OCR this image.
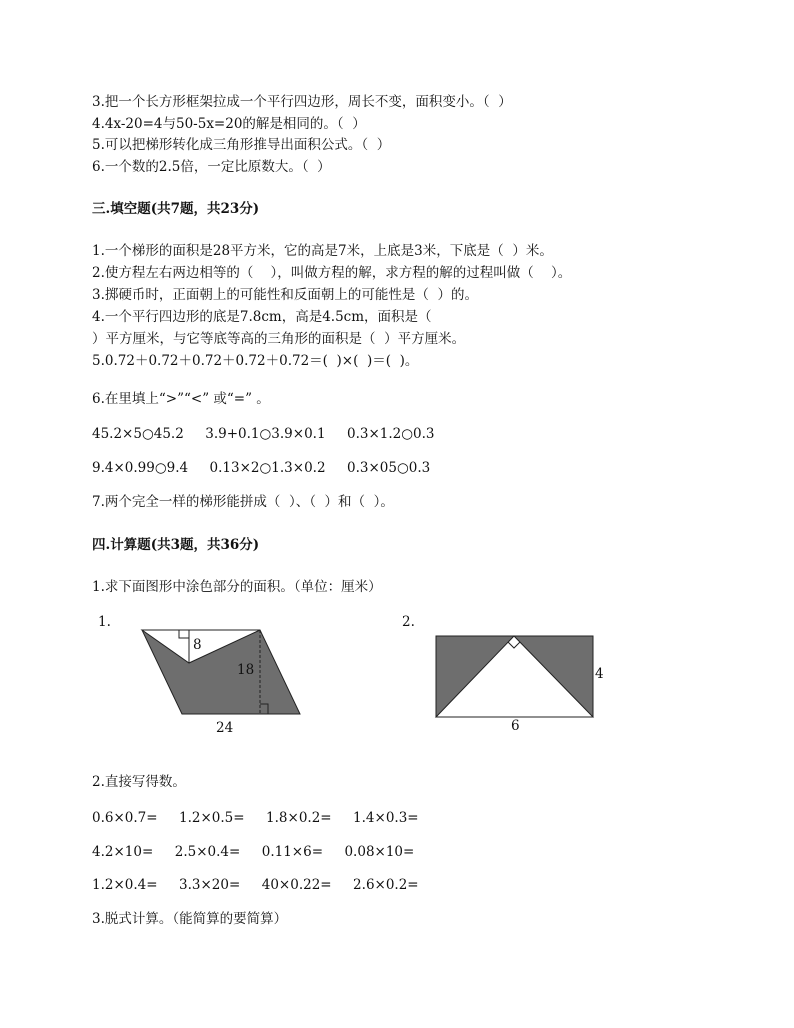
3.把一个长方形框架拉成一个平行四边形，周长不变，面积变小。（  ）
4.4x-20=4与50-5x=20的解是相同的。（  ）
5.可以把梯形转化成三角形推导出面积公式。（  ）
6.一个数的2.5倍，一定比原数大。（  ）
三.填空题(共7题，共23分)
1.一个梯形的面积是28平方米，它的高是7米，上底是3米，下底是（  ）米。
2.使方程左右两边相等的（    ），叫做方程的解，求方程的解的过程叫做（    ）。
3.掷硬币时，正面朝上的可能性和反面朝上的可能性是（  ）的。
4.一个平行四边形的底是7.8cm，高是4.5cm，面积是（
）平方厘米，与它等底等高的三角形的面积是（  ）平方厘米。
5.0.72＋0.72＋0.72＋0.72＋0.72＝(  )×(  )＝(  )。
6.在里填上“>”“<” 或“=” 。
45.2×5○45.2     3.9+0.1○3.9×0.1     0.3×1.2○0.3
9.4×0.99○9.4     0.13×2○1.3×0.2     0.3×05○0.3
7.两个完全一样的梯形能拼成（  ）、（  ）和（  ）。
四.计算题(共3题，共36分)
1.求下面图形中涂色部分的面积。（单位：厘米）
1.
8
18
24
2.
4
6
2.直接写得数。
0.6×0.7=     1.2×0.5=     1.8×0.2=     1.4×0.3=
4.2×10=     2.5×0.4=     0.11×6=     0.08×10=
1.2×0.4=     3.3×20=     40×0.22=     2.6×0.2=
3.脱式计算。（能简算的要简算）
